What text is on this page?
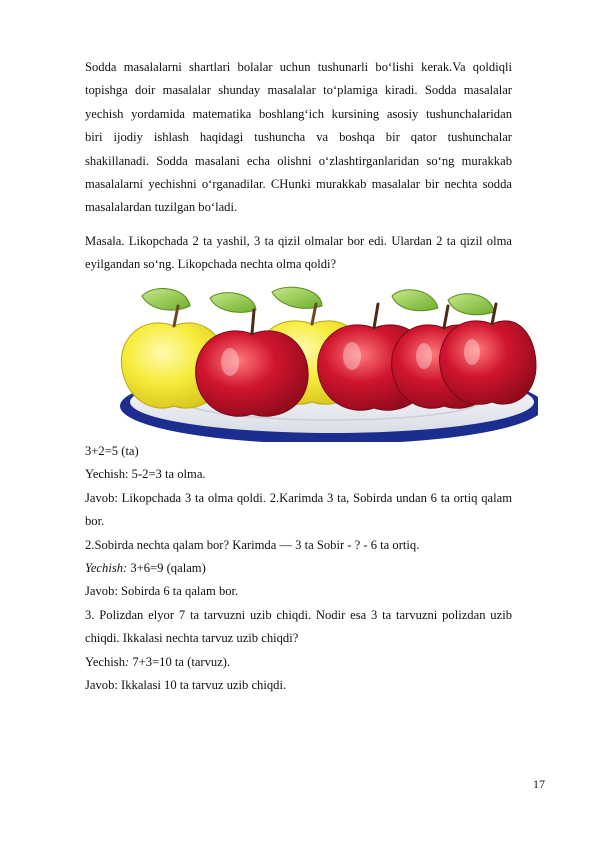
Sodda masalalarni shartlari bolalar uchun tushunarli bo‘lishi kerak.Va qoldiqli
topishga doir masalalar shunday masalalar to‘plamiga kiradi. Sodda masalalar
yechish yordamida matematika boshlang‘ich kursining asosiy tushunchalaridan
biri ijodiy ishlash haqidagi tushuncha va boshqa bir qator tushunchalar
shakillanadi. Sodda masalani echa olishni o‘zlashtirganlaridan so‘ng murakkab
masalalarni yechishni o‘rganadilar. CHunki murakkab masalalar bir nechta sodda
masalalardan tuzilgan bo‘ladi.
Masala. Likopchada 2 ta yashil, 3 ta qizil olmalar bor edi. Ulardan 2 ta qizil olma
eyilgandan so‘ng. Likopchada nechta olma qoldi?
3+2=5 (ta)
Yechish: 5-2=3 ta olma.
Javob: Likopchada 3 ta olma qoldi. 2.Karimda 3 ta, Sobirda undan 6 ta ortiq qalam
bor.
2.Sobirda nechta qalam bor? Karimda — 3 ta Sobir - ? - 6 ta ortiq.
Yechish: 3+6=9 (qalam)
Javob: Sobirda 6 ta qalam bor.
3. Polizdan elyor 7 ta tarvuzni uzib chiqdi. Nodir esa 3 ta tarvuzni polizdan uzib
chiqdi. Ikkalasi nechta tarvuz uzib chiqdi?
Yechish: 7+3=10 ta (tarvuz).
Javob: Ikkalasi 10 ta tarvuz uzib chiqdi.
17
